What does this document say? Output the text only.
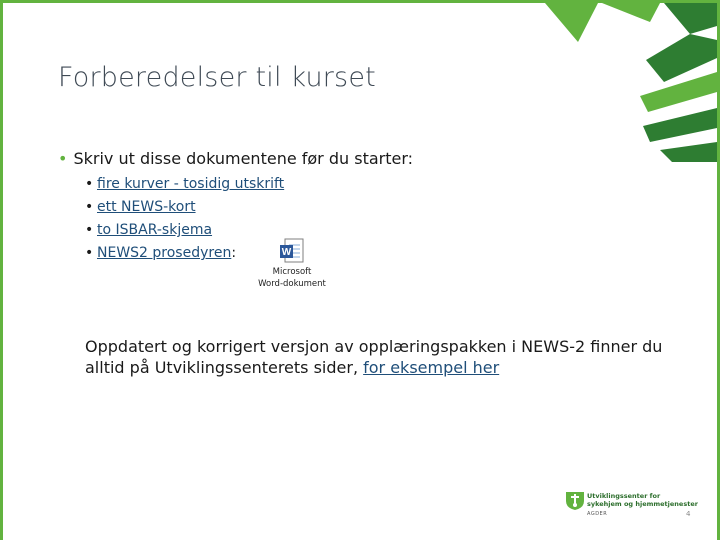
Forberedelser til kurset
• Skriv ut disse dokumentene før du starter:
• fire kurver - tosidig utskrift
• ett NEWS-kort
• to ISBAR-skjema
• NEWS2 prosedyren:	W
Microsoft
Word-dokument
Oppdatert og korrigert versjon av opplæringspakken i NEWS-2 finner du alltid på Utviklingssenterets sider, for eksempel her
Utviklingssenter for
sykehjem og hjemmetjenester
AGDER	4
